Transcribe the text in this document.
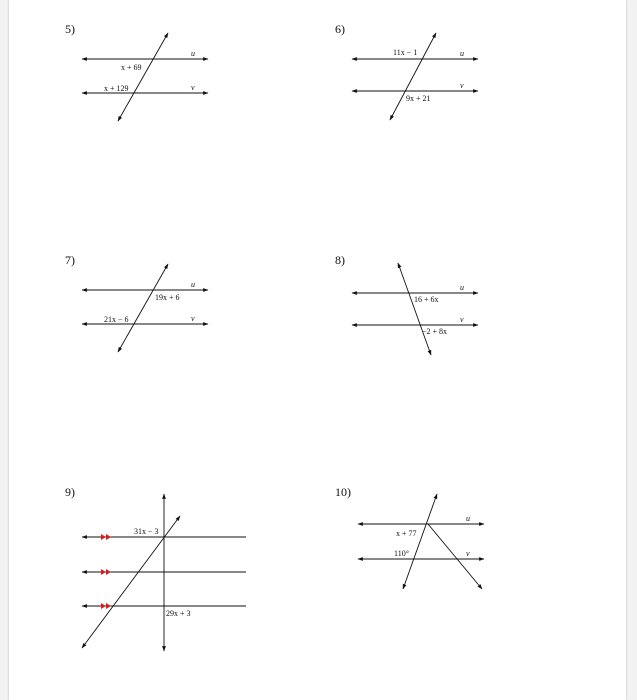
5)
u
v
x + 69
x + 129
6)
u
v
11x − 1
9x + 21
7)
u
v
19x + 6
21x − 6
8)
u
v
16 + 6x
−2 + 8x
9)
31x − 3
29x + 3
10)
u
v
x + 77
110°
